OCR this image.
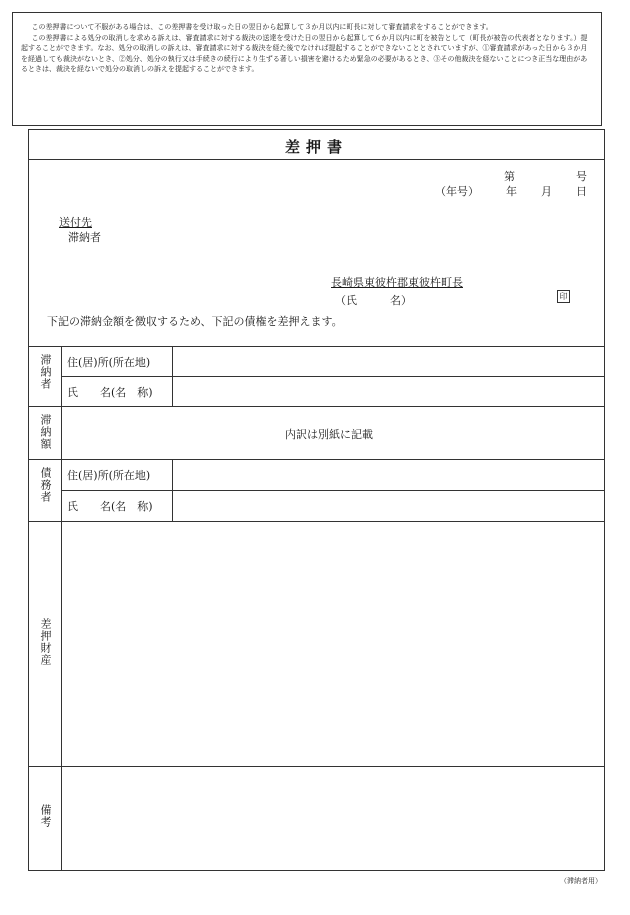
この差押書について不服がある場合は、この差押書を受け取った日の翌日から起算して３か月以内に町長に対して審査請求をすることができます。

この差押書による処分の取消しを求める訴えは、審査請求に対する裁決の送達を受けた日の翌日から起算して６か月以内に町を被告として（町長が被告の代表者となります。）提起することができます。なお、処分の取消しの訴えは、審査請求に対する裁決を経た後でなければ提起することができないこととされていますが、①審査請求があった日から３か月を経過しても裁決がないとき、②処分、処分の執行又は手続きの続行により生ずる著しい損害を避けるため緊急の必要があるとき、③その他裁決を経ないことにつき正当な理由があるときは、裁決を経ないで処分の取消しの訴えを提起することができます。

差押書
第	号
（年号） 年 月 日
送付先
滞納者
長崎県東彼杵郡東彼杵町長
（氏　　　名）	印
下記の滞納金額を徴収するため、下記の債権を差押えます。
滞納者	住(居)所(所在地)
氏　　名(名　称)
滞納額	内訳は別紙に記載
債務者	住(居)所(所在地)
氏　　名(名　称)
差押財産
備考
（滞納者用）
